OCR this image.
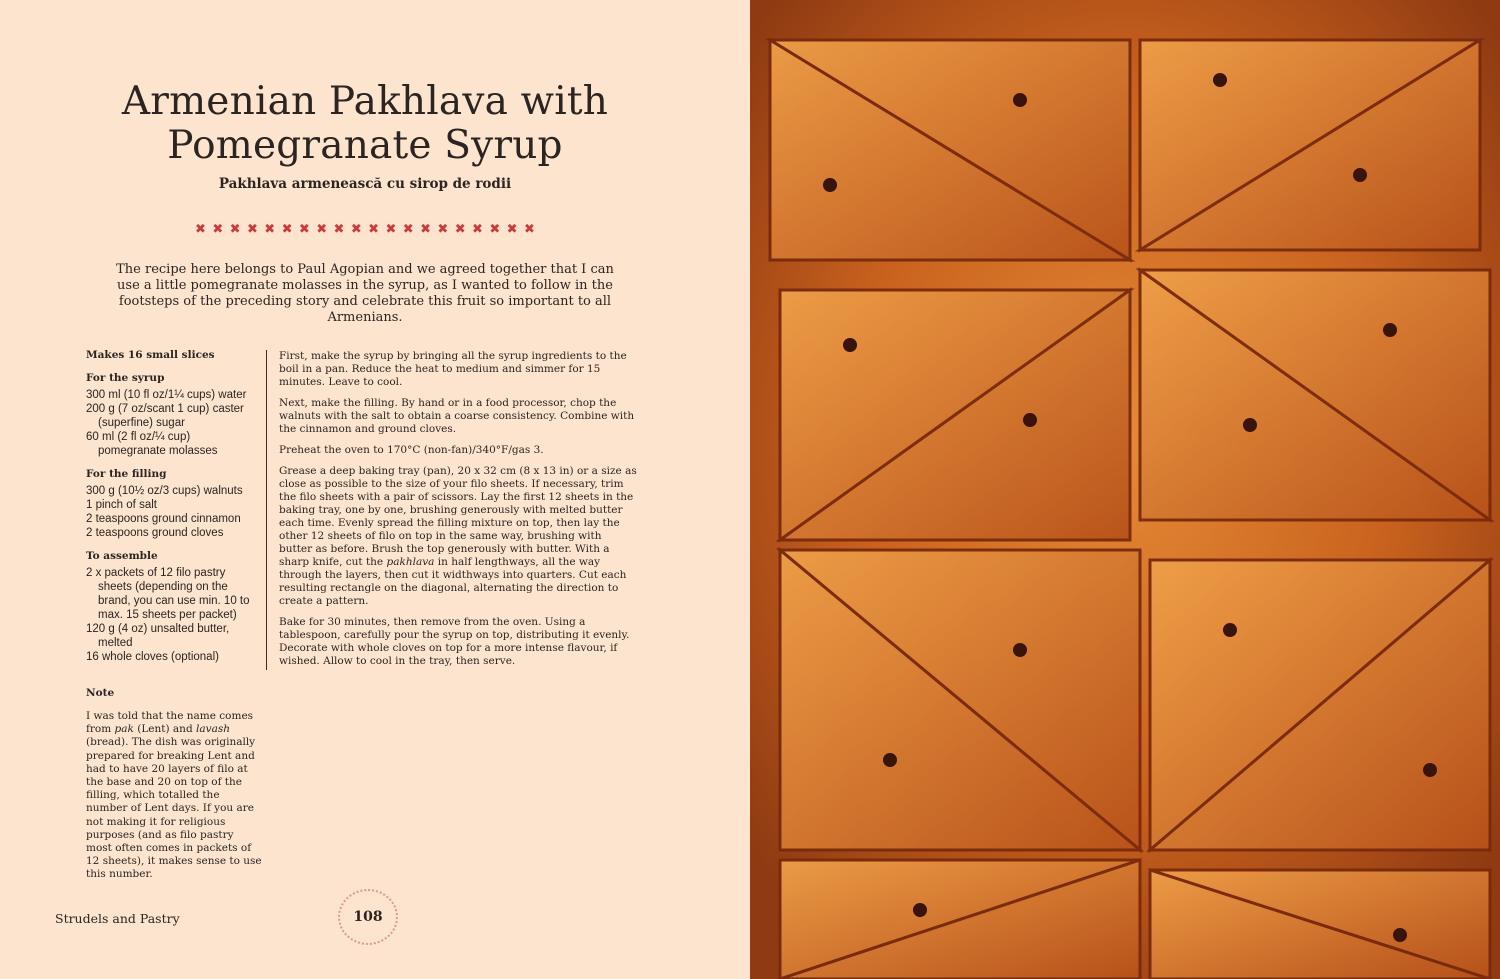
Armenian Pakhlava with Pomegranate Syrup

Pakhlava armenească cu sirop de rodii

✖ ✖ ✖ ✖ ✖ ✖ ✖ ✖ ✖ ✖ ✖ ✖ ✖ ✖ ✖ ✖ ✖ ✖ ✖ ✖

The recipe here belongs to Paul Agopian and we agreed together that I can use a little pomegranate molasses in the syrup, as I wanted to follow in the footsteps of the preceding story and celebrate this fruit so important to all Armenians.

Makes 16 small slices

For the syrup

300 ml (10 fl oz/1¼ cups) water

200 g (7 oz/scant 1 cup) caster (superfine) sugar

60 ml (2 fl oz/¼ cup) pomegranate molasses

For the filling

300 g (10½ oz/3 cups) walnuts

1 pinch of salt

2 teaspoons ground cinnamon

2 teaspoons ground cloves

To assemble

2 x packets of 12 filo pastry sheets (depending on the brand, you can use min. 10 to max. 15 sheets per packet)

120 g (4 oz) unsalted butter, melted

16 whole cloves (optional)

First, make the syrup by bringing all the syrup ingredients to the boil in a pan. Reduce the heat to medium and simmer for 15 minutes. Leave to cool.

Next, make the filling. By hand or in a food processor, chop the walnuts with the salt to obtain a coarse consistency. Combine with the cinnamon and ground cloves.

Preheat the oven to 170°C (non-fan)/340°F/gas 3.

Grease a deep baking tray (pan), 20 x 32 cm (8 x 13 in) or a size as close as possible to the size of your filo sheets. If necessary, trim the filo sheets with a pair of scissors. Lay the first 12 sheets in the baking tray, one by one, brushing generously with melted butter each time. Evenly spread the filling mixture on top, then lay the other 12 sheets of filo on top in the same way, brushing with butter as before. Brush the top generously with butter. With a sharp knife, cut the pakhlava in half lengthways, all the way through the layers, then cut it widthways into quarters. Cut each resulting rectangle on the diagonal, alternating the direction to create a pattern.

Bake for 30 minutes, then remove from the oven. Using a tablespoon, carefully pour the syrup on top, distributing it evenly. Decorate with whole cloves on top for a more intense flavour, if wished. Allow to cool in the tray, then serve.

Note

I was told that the name comes from pak (Lent) and lavash (bread). The dish was originally prepared for breaking Lent and had to have 20 layers of filo at the base and 20 on top of the filling, which totalled the number of Lent days. If you are not making it for religious purposes (and as filo pastry most often comes in packets of 12 sheets), it makes sense to use this number.

Strudels and Pastry	108
